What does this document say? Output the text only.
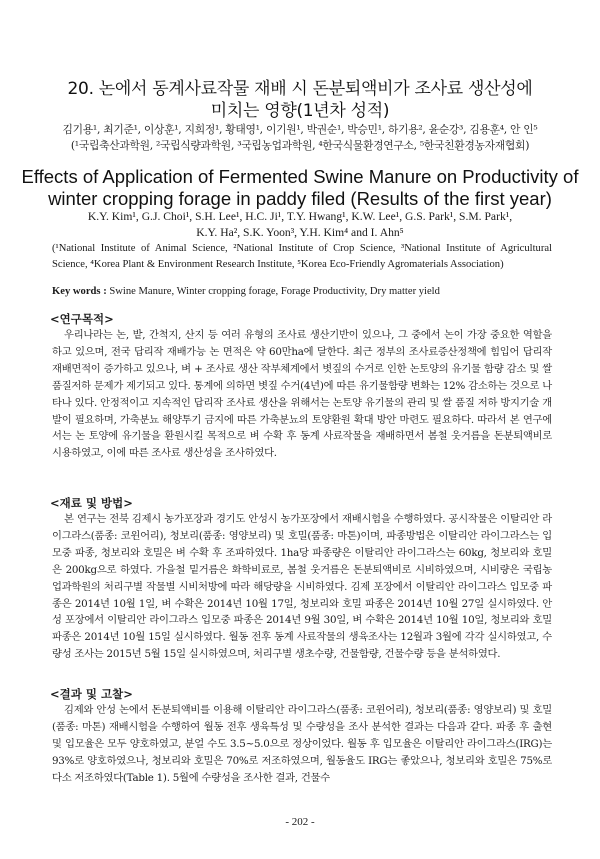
20. 논에서 동계사료작물 재배 시 돈분퇴액비가 조사료 생산성에
미치는 영향(1년차 성적)
김기용¹, 최기준¹, 이상훈¹, 지희정¹, 황태영¹, 이기원¹, 박권순¹, 박승민¹, 하기용², 윤순강³, 김용훈⁴, 안 인⁵
(¹국립축산과학원, ²국립식량과학원, ³국립농업과학원, ⁴한국식물환경연구소, ⁵한국친환경농자재협회)
Effects of Application of Fermented Swine Manure on Productivity of
winter cropping forage in paddy filed (Results of the first year)
K.Y. Kim¹, G.J. Choi¹, S.H. Lee¹, H.C. Ji¹, T.Y. Hwang¹, K.W. Lee¹, G.S. Park¹, S.M. Park¹,
K.Y. Ha², S.K. Yoon³, Y.H. Kim⁴ and I. Ahn⁵
(¹National Institute of Animal Science, ²National Institute of Crop Science, ³National Institute of Agricultural Science, ⁴Korea Plant & Environment Research Institute, ⁵Korea Eco-Friendly Agromaterials Association)
Key words : Swine Manure, Winter cropping forage, Forage Productivity, Dry matter yield
<연구목적>
우리나라는 논, 밭, 간척지, 산지 등 여러 유형의 조사료 생산기반이 있으나, 그 중에서 논이 가장 중요한 역할을 하고 있으며, 전국 답리작 재배가능 논 면적은 약 60만ha에 달한다. 최근 정부의 조사료증산정책에 힘입어 답리작 재배면적이 증가하고 있으나, 벼 + 조사료 생산 작부체계에서 볏짚의 수거로 인한 논토양의 유기물 함량 감소 및 쌀 품질저하 문제가 제기되고 있다. 통계에 의하면 볏짚 수거(4년)에 따른 유기물함량 변화는 12% 감소하는 것으로 나타나 있다. 안정적이고 지속적인 답리작 조사료 생산을 위해서는 논토양 유기물의 관리 및 쌀 품질 저하 방지기술 개발이 필요하며, 가축분뇨 해양투기 금지에 따른 가축분뇨의 토양환원 확대 방안 마련도 필요하다. 따라서 본 연구에서는 논 토양에 유기물을 환원시킬 목적으로 벼 수확 후 동계 사료작물을 재배하면서 봄철 웃거름을 돈분퇴액비로 시용하였고, 이에 따른 조사료 생산성을 조사하였다.
<재료 및 방법>
본 연구는 전북 김제시 농가포장과 경기도 안성시 농가포장에서 재배시험을 수행하였다. 공시작물은 이탈리안 라이그라스(품종: 코윈어리), 청보리(품종: 영양보리) 및 호밀(품종: 마톤)이며, 파종방법은 이탈리안 라이그라스는 입모중 파종, 청보리와 호밀은 벼 수확 후 조파하였다. 1ha당 파종량은 이탈리안 라이그라스는 60kg, 청보리와 호밀은 200kg으로 하였다. 가을철 밑거름은 화학비료로, 봄철 웃거름은 돈분퇴액비로 시비하였으며, 시비량은 국립농업과학원의 처리구별 작물별 시비처방에 따라 해당량을 시비하였다. 김제 포장에서 이탈리안 라이그라스 입모중 파종은 2014년 10월 1일, 벼 수확은 2014년 10월 17일, 청보리와 호밀 파종은 2014년 10월 27일 실시하였다. 안성 포장에서 이탈리안 라이그라스 입모중 파종은 2014년 9월 30일, 벼 수확은 2014년 10월 10일, 청보리와 호밀 파종은 2014년 10월 15일 실시하였다. 월동 전후 동계 사료작물의 생육조사는 12월과 3월에 각각 실시하였고, 수량성 조사는 2015년 5월 15일 실시하였으며, 처리구별 생초수량, 건물함량, 건물수량 등을 분석하였다.
<결과 및 고찰>
김제와 안성 논에서 돈분퇴액비를 이용해 이탈리안 라이그라스(품종: 코윈어리), 청보리(품종: 영양보리) 및 호밀(품종: 마톤) 재배시험을 수행하여 월동 전후 생육특성 및 수량성을 조사 분석한 결과는 다음과 같다. 파종 후 출현 및 입모율은 모두 양호하였고, 분얼 수도 3.5~5.0으로 정상이었다. 월동 후 입모율은 이탈리안 라이그라스(IRG)는 93%로 양호하였으나, 청보리와 호밀은 70%로 저조하였으며, 월동율도 IRG는 좋았으나, 청보리와 호밀은 75%로 다소 저조하였다(Table 1). 5월에 수량성을 조사한 결과, 건물수
- 202 -
